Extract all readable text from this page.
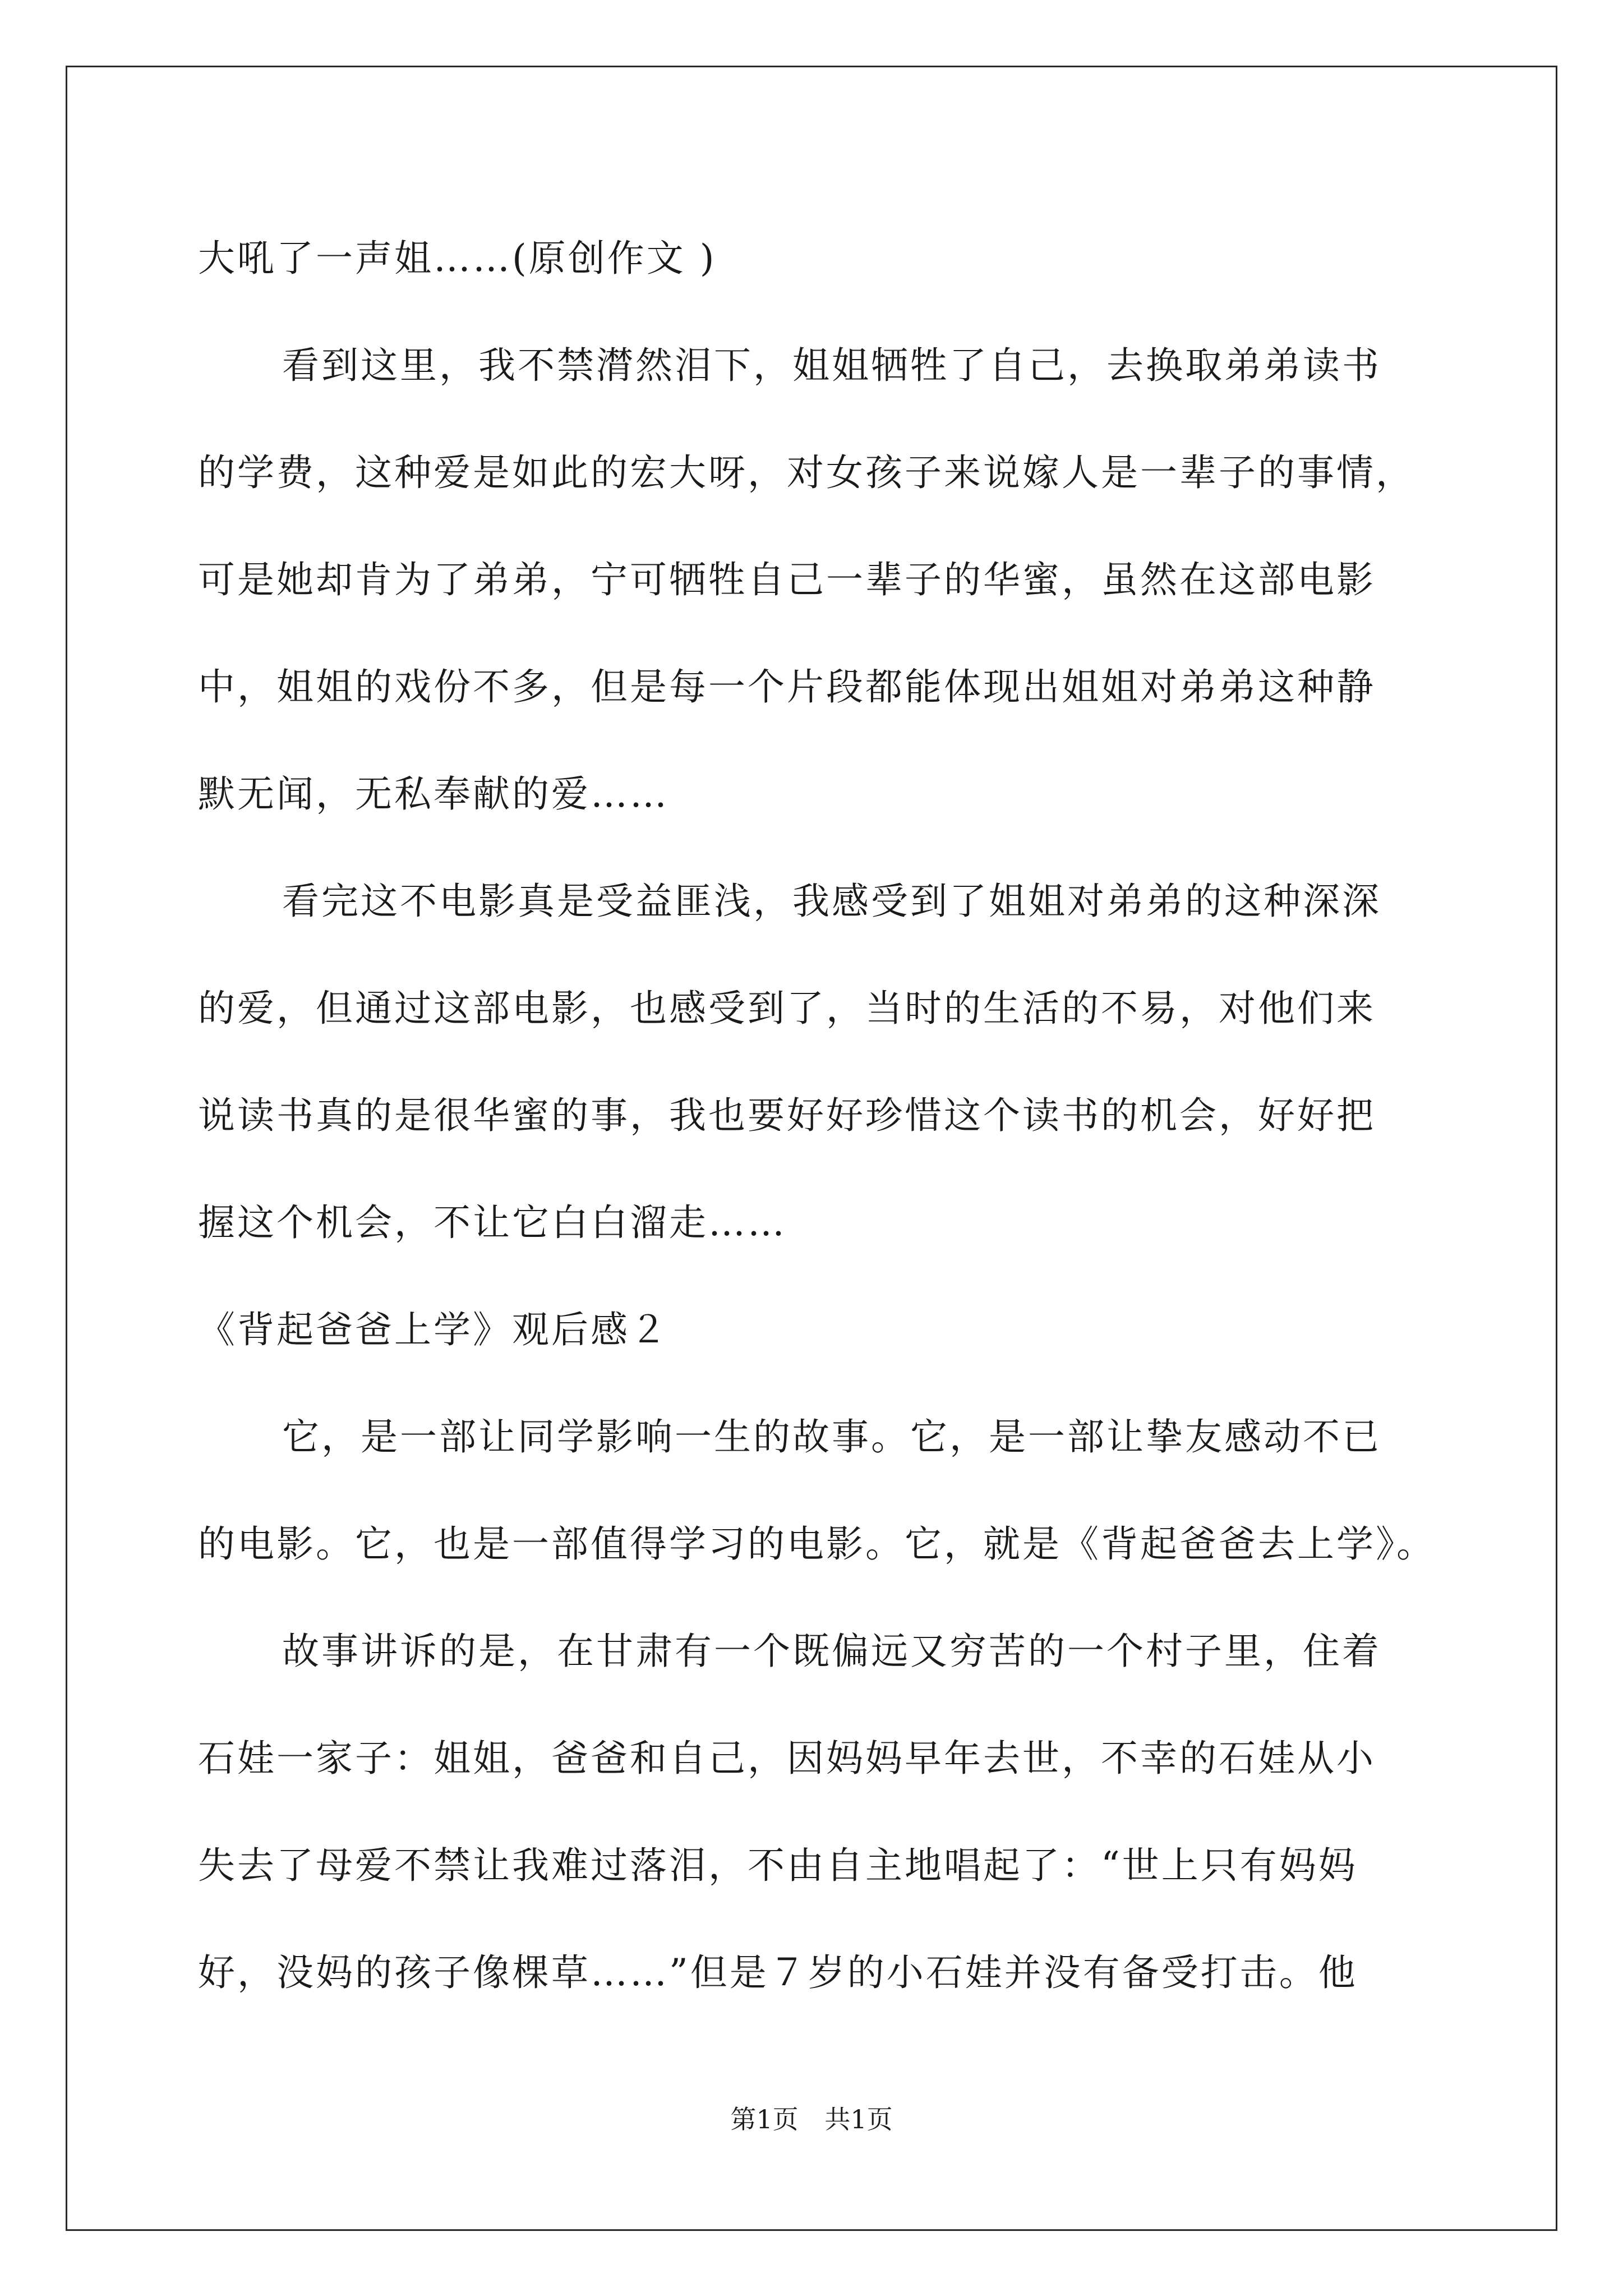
大吼了一声姐……(原创作文 )
看到这里，我不禁潸然泪下，姐姐牺牲了自己，去换取弟弟读书
的学费，这种爱是如此的宏大呀，对女孩子来说嫁人是一辈子的事情，
可是她却肯为了弟弟，宁可牺牲自己一辈子的华蜜，虽然在这部电影
中，姐姐的戏份不多，但是每一个片段都能体现出姐姐对弟弟这种静
默无闻，无私奉献的爱……
看完这不电影真是受益匪浅，我感受到了姐姐对弟弟的这种深深
的爱，但通过这部电影，也感受到了，当时的生活的不易，对他们来
说读书真的是很华蜜的事，我也要好好珍惜这个读书的机会，好好把
握这个机会，不让它白白溜走……
《背起爸爸上学》观后感２
它，是一部让同学影响一生的故事。它，是一部让挚友感动不已
的电影。它，也是一部值得学习的电影。它，就是《背起爸爸去上学》。
故事讲诉的是，在甘肃有一个既偏远又穷苦的一个村子里，住着
石娃一家子：姐姐，爸爸和自己，因妈妈早年去世，不幸的石娃从小
失去了母爱不禁让我难过落泪，不由自主地唱起了：“世上只有妈妈
好，没妈的孩子像棵草……”但是７岁的小石娃并没有备受打击。他
第1页 共1页
